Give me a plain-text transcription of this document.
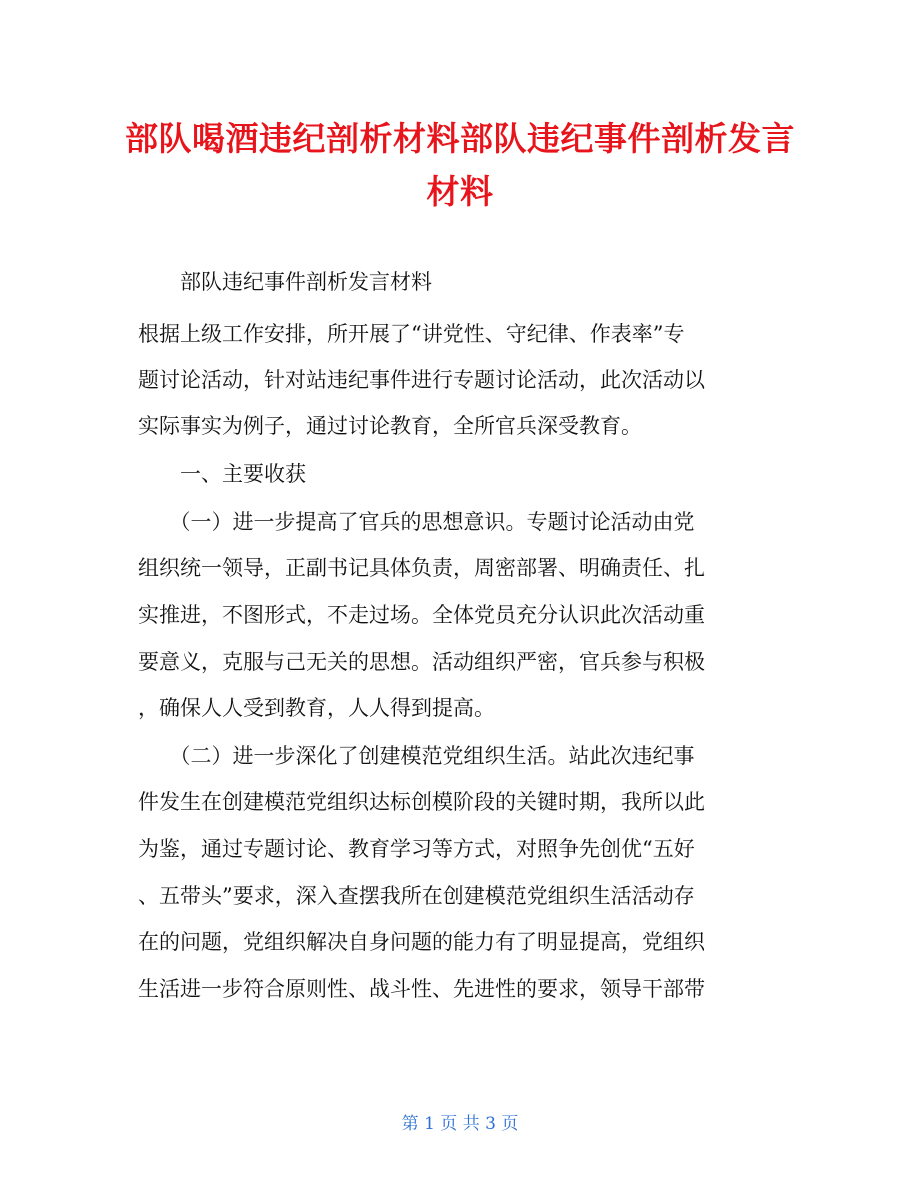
部队喝酒违纪剖析材料部队违纪事件剖析发言
材料
　　部队违纪事件剖析发言材料
根据上级工作安排，所开展了“讲党性、守纪律、作表率”专
题讨论活动，针对站违纪事件进行专题讨论活动，此次活动以
实际事实为例子，通过讨论教育，全所官兵深受教育。
　　一、主要收获
　　（一）进一步提高了官兵的思想意识。专题讨论活动由党
组织统一领导，正副书记具体负责，周密部署、明确责任、扎
实推进，不图形式，不走过场。全体党员充分认识此次活动重
要意义，克服与己无关的思想。活动组织严密，官兵参与积极
，确保人人受到教育，人人得到提高。
　　（二）进一步深化了创建模范党组织生活。站此次违纪事
件发生在创建模范党组织达标创模阶段的关键时期，我所以此
为鉴，通过专题讨论、教育学习等方式，对照争先创优“五好
、五带头”要求，深入查摆我所在创建模范党组织生活活动存
在的问题，党组织解决自身问题的能力有了明显提高，党组织
生活进一步符合原则性、战斗性、先进性的要求，领导干部带
第 1 页 共 3 页
